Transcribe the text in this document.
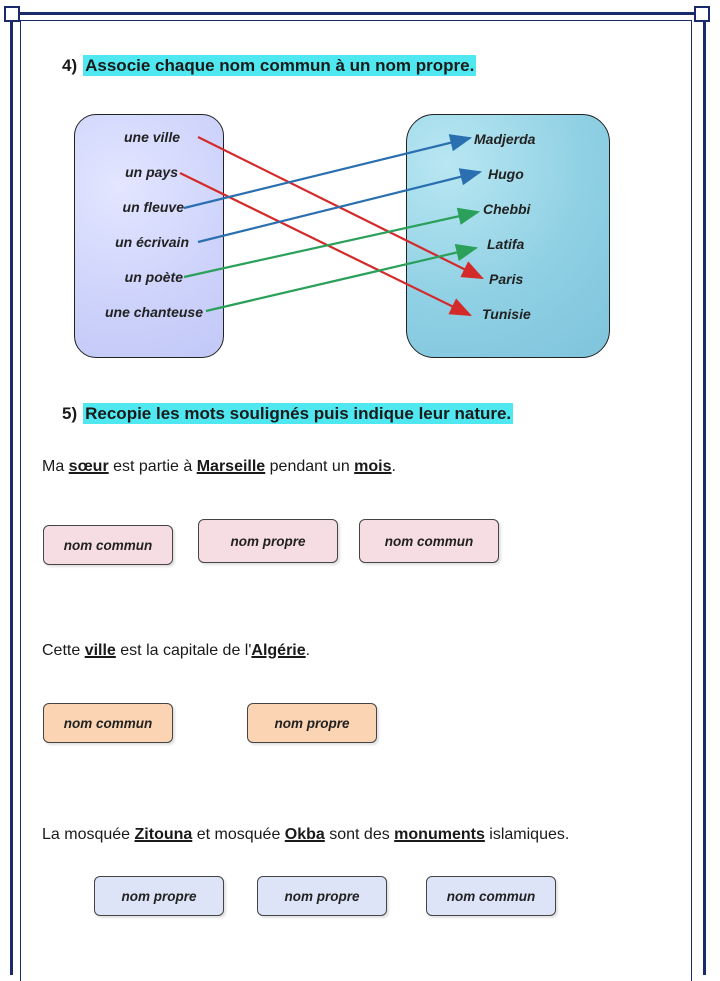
4) Associe chaque nom commun à un nom propre.
une ville
un pays
un fleuve
un écrivain
un poète
une chanteuse
Madjerda
Hugo
Chebbi
Latifa
Paris
Tunisie
5) Recopie les mots soulignés puis indique leur nature.
Ma sœur est partie à Marseille pendant un mois.
nom commun	nom propre	nom commun
Cette ville est la capitale de l'Algérie.
nom commun	nom propre
La mosquée Zitouna et mosquée Okba sont des monuments islamiques.
nom propre	nom propre	nom commun
